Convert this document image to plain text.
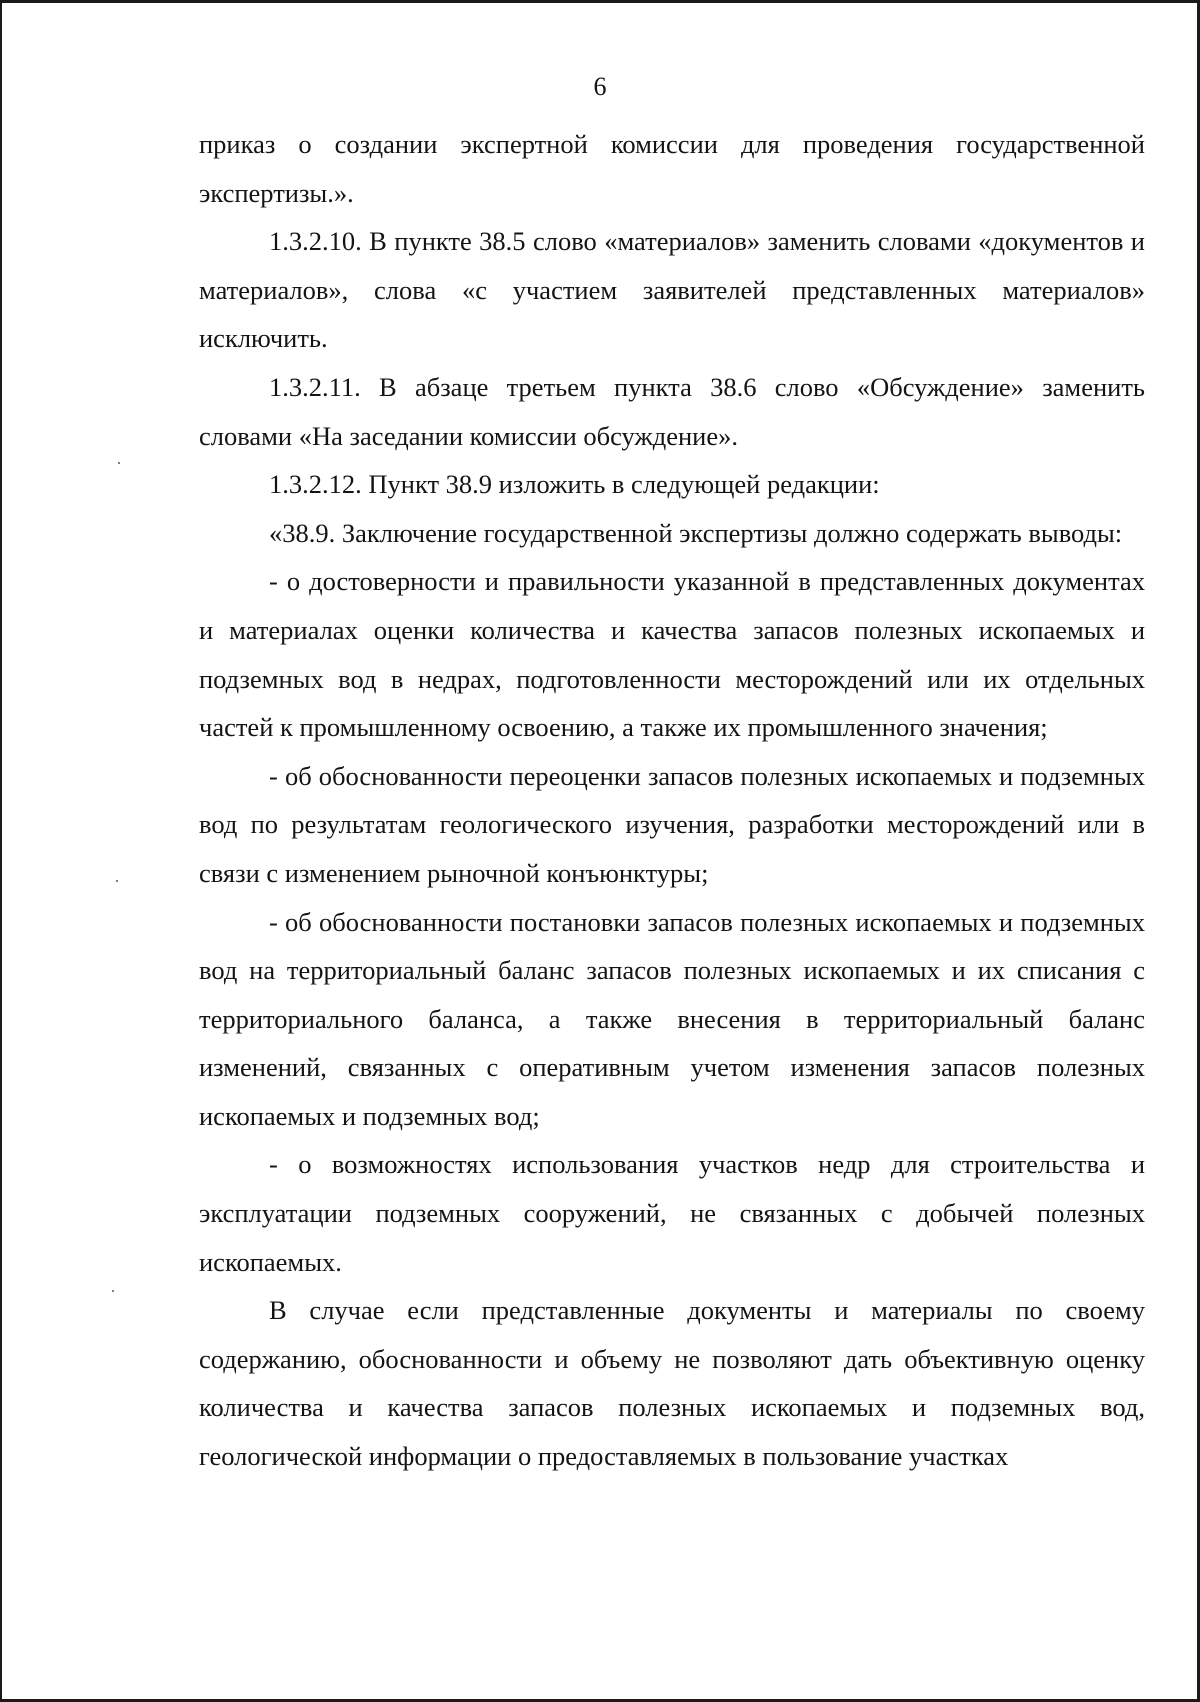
6

приказ о создании экспертной комиссии для проведения государственной экспертизы.».

1.3.2.10. В пункте 38.5 слово «материалов» заменить словами «документов и материалов», слова «с участием заявителей представленных материалов» исключить.

1.3.2.11. В абзаце третьем пункта 38.6 слово «Обсуждение» заменить словами «На заседании комиссии обсуждение».

1.3.2.12. Пункт 38.9 изложить в следующей редакции:

«38.9. Заключение государственной экспертизы должно содержать выводы:

- о достоверности и правильности указанной в представленных документах и материалах оценки количества и качества запасов полезных ископаемых и подземных вод в недрах, подготовленности месторождений или их отдельных частей к промышленному освоению, а также их промышленного значения;

- об обоснованности переоценки запасов полезных ископаемых и подземных вод по результатам геологического изучения, разработки месторождений или в связи с изменением рыночной конъюнктуры;

- об обоснованности постановки запасов полезных ископаемых и подземных вод на территориальный баланс запасов полезных ископаемых и их списания с территориального баланса, а также внесения в территориальный баланс изменений, связанных с оперативным учетом изменения запасов полезных ископаемых и подземных вод;

- о возможностях использования участков недр для строительства и эксплуатации подземных сооружений, не связанных с добычей полезных ископаемых.

В случае если представленные документы и материалы по своему содержанию, обоснованности и объему не позволяют дать объективную оценку количества и качества запасов полезных ископаемых и подземных вод, геологической информации о предоставляемых в пользование участках
